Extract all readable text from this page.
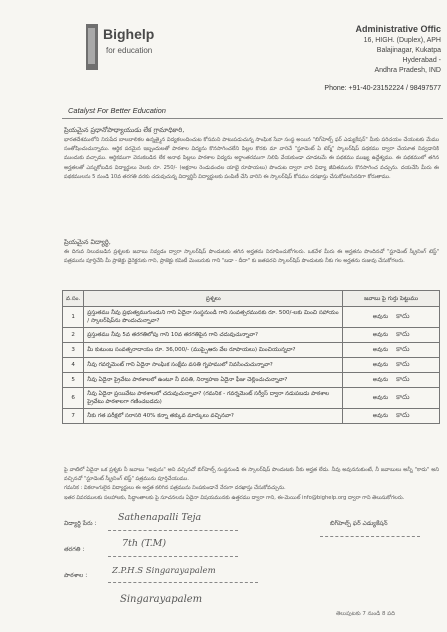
Bighelp
for education
Catalyst For Better Education
Administrative Offic
16, HIGH. (Duplex), APH
Balajinagar, Kukatpa
Hyderabad -
Andhra Pradesh, IND
Phone: +91-40-23152224 / 98497577
ప్రియమైన ప్రధానోపాధ్యాయుడు లేక గ్రామాధికారి,
భారతదేశములోని నిరుపేద బాలబాలికల ఉన్నత్మైన విద్యకలందించుట కోసమని పాటుపడుచున్న సాంఘిక సేవా సంస్థ అయిన "బిగ్‌హెల్ప్ ఫర్ ఎడ్యుకేషన్" మీకు పరిచయం చేయుటకు మేము సంతోషించుచున్నాము. ఆర్థిక పరమైన ఇబ్బందులతో పాఠశాల విద్యను కొనసాగించలేని పిల్లల కొరకు మా వారిచే "స్టూడెంట్ ఏ టెర్మ్" స్కాలర్‌షిప్ పథకము ద్వారా చేయూత నివ్వడానికి ముందుకు వచ్చాము. ఆర్థికముగా వెనుకబడిన లేక అనాథ పిల్లలు పాఠశాల విద్యను అర్ధాంతరముగా నిలిపి వేయకుండా చూడటమే ఈ పథకము ముఖ్య ఉద్దేశ్యము. ఈ పథకములో తగిన అర్హతలతో ఎన్నుకోబడిన విద్యార్థులు నెలకు రూ. 250/- (అక్షరాల రెండువందల యాభై రూపాయలు) పొందుట ద్వారా వారి విద్యా జీవితమును కొనసాగించ వచ్చును. దయచేసి మీరు ఈ పథకములను 5 నుండి 10వ తరగతి వరకు చదువుచున్న విద్యార్థినీ విద్యార్థులకు పంపిణీ చేసి వారిని ఈ స్కాలర్‌షిప్ కోసము దరఖాస్తు చేసుకోవలసినదిగా కోరుతాము.
ప్రియమైన విద్యార్థి,
ఈ దిగువ నిలువబడిన ప్రశ్నలకు జవాబు నివ్వడం ద్వారా స్కాలర్‌షిప్ పొందుటకు తగిన అర్హతను నిరూపించుకోగలరు. ఒకవేళ మీరు ఈ అర్హతను పొందినచో "స్టూడెంట్ స్క్రీనింగ్ టెస్ట్" పత్రమును పూర్తిచేసి మీ ప్రాజెక్టు డైరెక్టరుకు గాని, ప్రాజెక్టు కమిటీ మెంబరుకు గాని "బడా - దీదా" కు జతపరచి స్కాలర్‌షిప్ పొందుటకు నీకు గల అర్హతను రుజువు చేసుకోగలరు.
వ.సం.	ప్రశ్నలు	జవాబు పై గుర్తు పెట్టుము
1	ప్రస్తుతము నీవు ప్రభుత్వముగుండుని గాని ఏదైనా సంస్థనుండి గాని సంవత్సరమునకు రూ. 500/-లకు మించి సహాయం / స్కాలర్‌షిప్‌ను పొందుచున్నావా?	అవును కాదు
2	ప్రస్తుతము నీవు 5వ తరగతిలోపు గాని 10వ తరగతిపైన గాని చదువుచున్నావా?	అవును కాదు
3	మీ కుటుంబ సంవత్సరాదాయం రూ. 36,000/- (ముప్పైఆరు వేల రూపాయలు) మించియున్నదా?	అవును కాదు
4	నీవు గవర్నమెంట్ గాని ఏదైనా సాంఘిక సంక్షేమ వసతి గృహములో నివసించుచున్నావా?	అవును కాదు
5	నీవు ఏదైనా ప్రైవేటు పాఠశాలలో ఉంటూ నీ వసతి, నిర్వాహణ ఏదైనా ఫీజు చెల్లించుచున్నావా?	అవును కాదు
6	నీవు ఏదైనా ప్రయివేటు పాఠశాలలో చదువుచున్నావా? (గమనిక - గవర్నమెంట్ సర్వీస్ ద్వారా నడుపబడు పాఠశాల ప్రైవేటు పాఠశాలగా గణించబడదు)	అవును కాదు
7	నీకు గత పరీక్షలో సరాసరి 40% కన్నా తక్కువ మార్కులు వచ్చినవా?	అవును కాదు
పై వాటిలో ఏదైనా ఒక ప్రశ్నకు నీ జవాబు "అవును" అని వచ్చినచో బిగ్‌హెల్ప్ సంస్థనుండి ఈ స్కాలర్‌షిప్ పొందుటకు నీకు అర్హత లేదు. నీవు అవుననుకుంటే, నీ జవాబులు అన్నీ "కాదు" అని వచ్చినచో "స్టూడెంట్ స్క్రీనింగ్ టెస్ట్" పత్రమును పూర్తిచేయుము.
గమనిక : వికలాంగులైన విద్యార్థులు ఈ అర్హత కలిగిన పత్రమును నింపకుండానే నేరుగా దరఖాస్తు చేసుకోవచ్చును.
ఇతర వివరములకు సలహాలకు, సిద్ధాంతాలకు పై సూచనలను ఏదైనా విషయమునకు ఉత్తరము ద్వారా గాని, ఈ-మెయిల్ info@bighelp.org ద్వారా గాని తెలుసుకోగలరు.
విద్యార్థి పేరు :
Sathenapalli Teja
తరగతి :
7th (T.M)
పాఠశాల :	Z.P.H.S Singarayapalem
Singarayapalem
బిగ్‌హెల్ప్ ఫర్ ఎడ్యుకేషన్
తెలుపుటకు 7 నుండి 8 పది
